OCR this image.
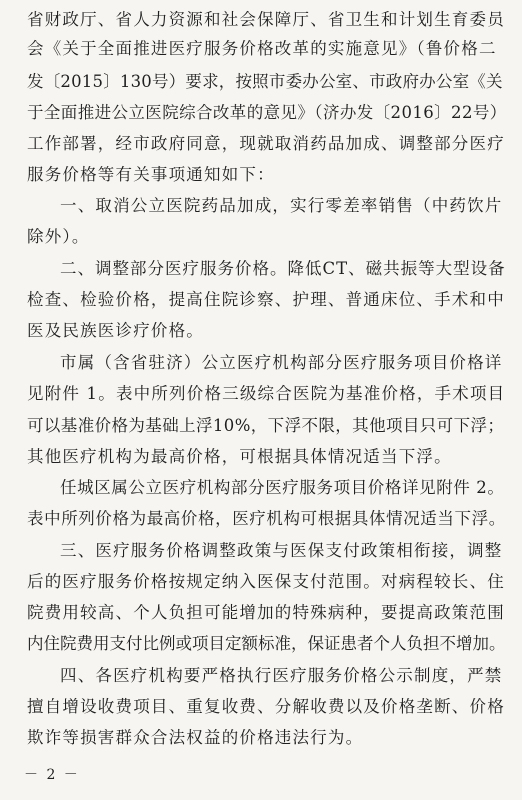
省财政厅、省人力资源和社会保障厅、省卫生和计划生育委员
会《关于全面推进医疗服务价格改革的实施意见》（鲁价格二
发〔2015〕130号）要求，按照市委办公室、市政府办公室《关
于全面推进公立医院综合改革的意见》（济办发〔2016〕22号）
工作部署，经市政府同意，现就取消药品加成、调整部分医疗
服务价格等有关事项通知如下：
一、取消公立医院药品加成，实行零差率销售（中药饮片
除外）。
二、调整部分医疗服务价格。降低CT、磁共振等大型设备
检查、检验价格，提高住院诊察、护理、普通床位、手术和中
医及民族医诊疗价格。
市属（含省驻济）公立医疗机构部分医疗服务项目价格详
见附件 1。表中所列价格三级综合医院为基准价格，手术项目
可以基准价格为基础上浮10%，下浮不限，其他项目只可下浮；
其他医疗机构为最高价格，可根据具体情况适当下浮。
任城区属公立医疗机构部分医疗服务项目价格详见附件 2。
表中所列价格为最高价格，医疗机构可根据具体情况适当下浮。
三、医疗服务价格调整政策与医保支付政策相衔接，调整
后的医疗服务价格按规定纳入医保支付范围。对病程较长、住
院费用较高、个人负担可能增加的特殊病种，要提高政策范围
内住院费用支付比例或项目定额标准，保证患者个人负担不增加。
四、各医疗机构要严格执行医疗服务价格公示制度，严禁
擅自增设收费项目、重复收费、分解收费以及价格垄断、价格
欺诈等损害群众合法权益的价格违法行为。
－ 2 －
